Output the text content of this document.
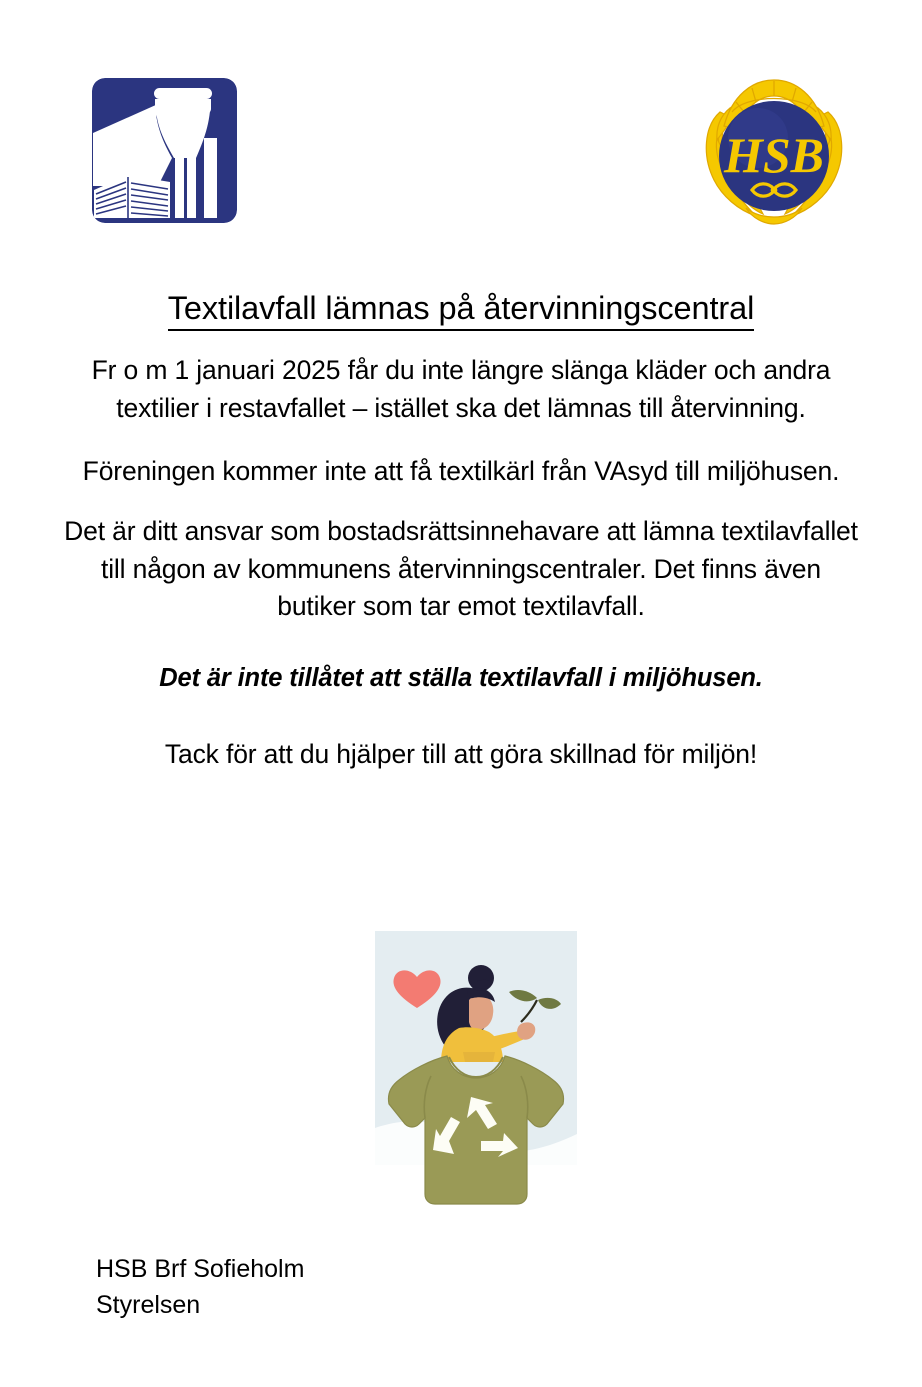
HSB
Textilavfall lämnas på återvinningscentral

Fr o m 1 januari 2025 får du inte längre slänga kläder och andra textilier i restavfallet – istället ska det lämnas till återvinning.

Föreningen kommer inte att få textilkärl från VAsyd till miljöhusen.

Det är ditt ansvar som bostadsrättsinnehavare att lämna textilavfallet till någon av kommunens återvinningscentraler. Det finns även butiker som tar emot textilavfall.

Det är inte tillåtet att ställa textilavfall i miljöhusen.

Tack för att du hjälper till att göra skillnad för miljön!

HSB Brf Sofieholm
Styrelsen
